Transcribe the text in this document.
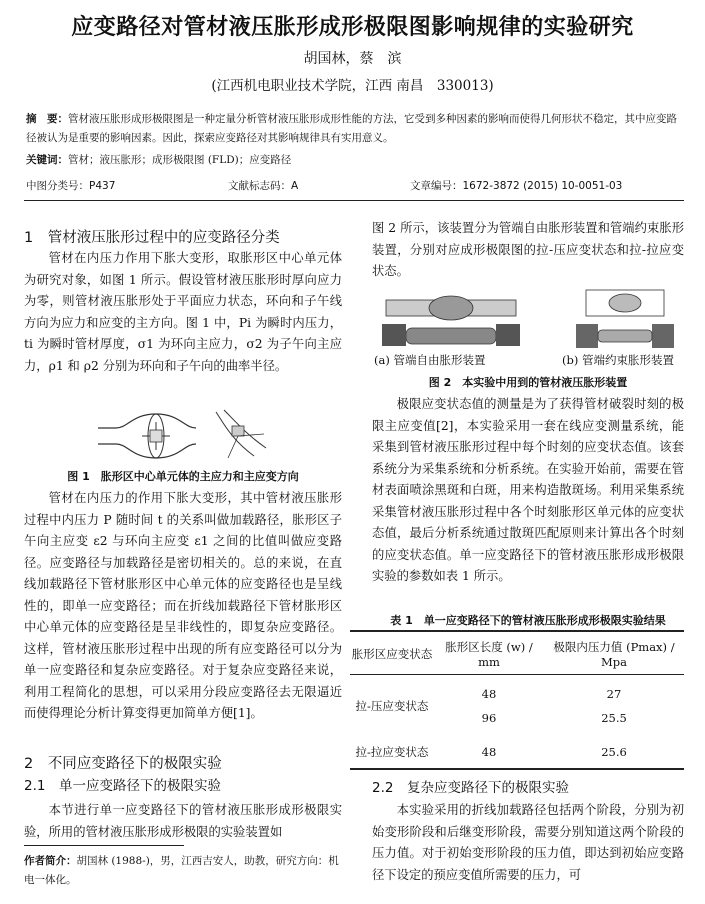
应变路径对管材液压胀形成形极限图影响规律的实验研究
胡国林，蔡　滨
(江西机电职业技术学院，江西 南昌　330013)
摘　要：管材液压胀形成形极限图是一种定量分析管材液压胀形成形性能的方法，它受到多种因素的影响而使得几何形状不稳定，其中应变路径被认为是重要的影响因素。因此，探索应变路径对其影响规律具有实用意义。
关键词：管材；液压胀形；成形极限图 (FLD)；应变路径
中图分类号：P437	文献标志码：A	文章编号：1672-3872 (2015) 10-0051-03
1　管材液压胀形过程中的应变路径分类
管材在内压力作用下胀大变形，取胀形区中心单元体为研究对象，如图 1 所示。假设管材液压胀形时厚向应力为零，则管材液压胀形处于平面应力状态，环向和子午线方向为应力和应变的主方向。图 1 中，Pi 为瞬时内压力，ti 为瞬时管材厚度，σ1 为环向主应力，σ2 为子午向主应力，ρ1 和 ρ2 分别为环向和子午向的曲率半径。
图 1　胀形区中心单元体的主应力和主应变方向
管材在内压力的作用下胀大变形，其中管材液压胀形过程中内压力 P 随时间 t 的关系叫做加载路径，胀形区子午向主应变 ε2 与环向主应变 ε1 之间的比值叫做应变路径。应变路径与加载路径是密切相关的。总的来说，在直线加载路径下管材胀形区中心单元体的应变路径也是呈线性的，即单一应变路径；而在折线加载路径下管材胀形区中心单元体的应变路径是呈非线性的，即复杂应变路径。这样，管材液压胀形过程中出现的所有应变路径可以分为单一应变路径和复杂应变路径。对于复杂应变路径来说，利用工程简化的思想，可以采用分段应变路径去无限逼近而使得理论分析计算变得更加简单方便[1]。
2　不同应变路径下的极限实验
2.1　单一应变路径下的极限实验
本节进行单一应变路径下的管材液压胀形成形极限实验，所用的管材液压胀形成形极限的实验装置如
作者简介：胡国林 (1988-)，男，江西吉安人，助教，研究方向：机电一体化。
图 2 所示，该装置分为管端自由胀形装置和管端约束胀形装置，分别对应成形极限图的拉-压应变状态和拉-拉应变状态。
(a) 管端自由胀形装置	(b) 管端约束胀形装置
图 2　本实验中用到的管材液压胀形装置
极限应变状态值的测量是为了获得管材破裂时刻的极限主应变值[2]，本实验采用一套在线应变测量系统，能采集到管材液压胀形过程中每个时刻的应变状态值。该套系统分为采集系统和分析系统。在实验开始前，需要在管材表面喷涂黑斑和白斑，用来构造散斑场。利用采集系统采集管材液压胀形过程中各个时刻胀形区单元体的应变状态值，最后分析系统通过散斑匹配原则来计算出各个时刻的应变状态值。单一应变路径下的管材液压胀形成形极限实验的参数如表 1 所示。
表 1　单一应变路径下的管材液压胀形成形极限实验结果
胀形区应变状态	胀形区长度 (w) / mm	极限内压力值 (Pmax) / Mpa

拉-压应变状态	48	27
	96	25.5
拉-拉应变状态	48	25.6
2.2　复杂应变路径下的极限实验
本实验采用的折线加载路径包括两个阶段，分别为初始变形阶段和后继变形阶段，需要分别知道这两个阶段的压力值。对于初始变形阶段的压力值，即达到初始应变路径下设定的预应变值所需要的压力，可
